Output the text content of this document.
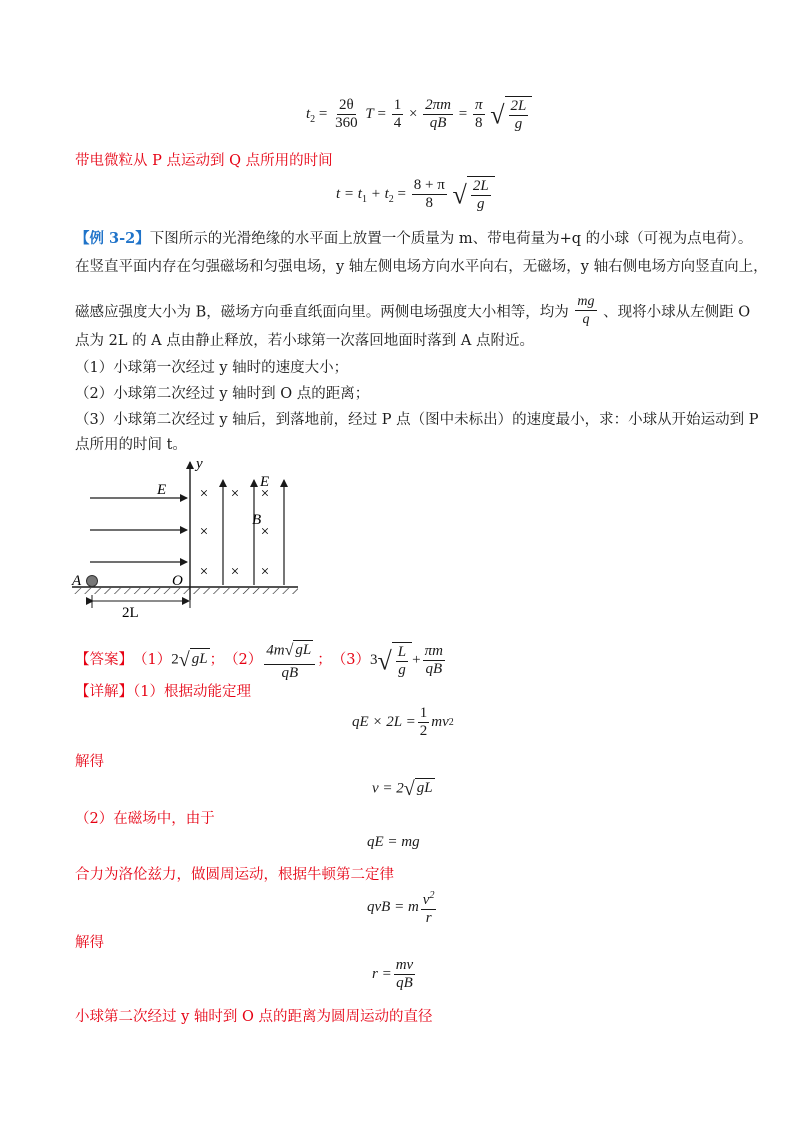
$t_2 = \frac{2\theta}{360}$ $T = \frac{1}{4} \times \frac{2\pi m}{qB} = \frac{\pi}{8}$ √ $\frac{2L}{g}$
带电微粒从 P 点运动到 Q 点所用的时间
$t = t_1 + t_2 = \frac{8 + \pi}{8}$ √ $\frac{2L}{g}$
【例 3-2】下图所示的光滑绝缘的水平面上放置一个质量为 m、带电荷量为+q 的小球（可视为点电荷）。
在竖直平面内存在匀强磁场和匀强电场，y 轴左侧电场方向水平向右，无磁场，y 轴右侧电场方向竖直向上，
磁感应强度大小为 B，磁场方向垂直纸面向里。两侧电场强度大小相等，均为 $\frac{mg}{q}$ 、现将小球从左侧距 O
点为 2L 的 A 点由静止释放，若小球第一次落回地面时落到 A 点附近。
（1）小球第一次经过 y 轴时的速度大小；
（2）小球第二次经过 y 轴时到 O 点的距离；
（3）小球第二次经过 y 轴后，到落地前，经过 P 点（图中未标出）的速度最小，求：小球从开始运动到 P
点所用的时间 t。
y
E	E
B
× × ×
×	×
× × ×
A	O
2L
【答案】 （1） 2√ gL ； $(2) \frac{4m√ gL}{qB}$ ； （3） 3 √ $\frac{L}{g} + \frac{\pi m}{qB}$
【详解】（1）根据动能定理
qE × $2L = \frac{1}{2}$ mv 2
解得
v = 2√ gL
（2）在磁场中，由于
qE = mg
合力为洛伦兹力，做圆周运动，根据牛顿第二定律
qvB = m $\frac{v^2}{r}$
解得
$r = \frac{mv}{qB}$
小球第二次经过 y 轴时到 O 点的距离为圆周运动的直径
